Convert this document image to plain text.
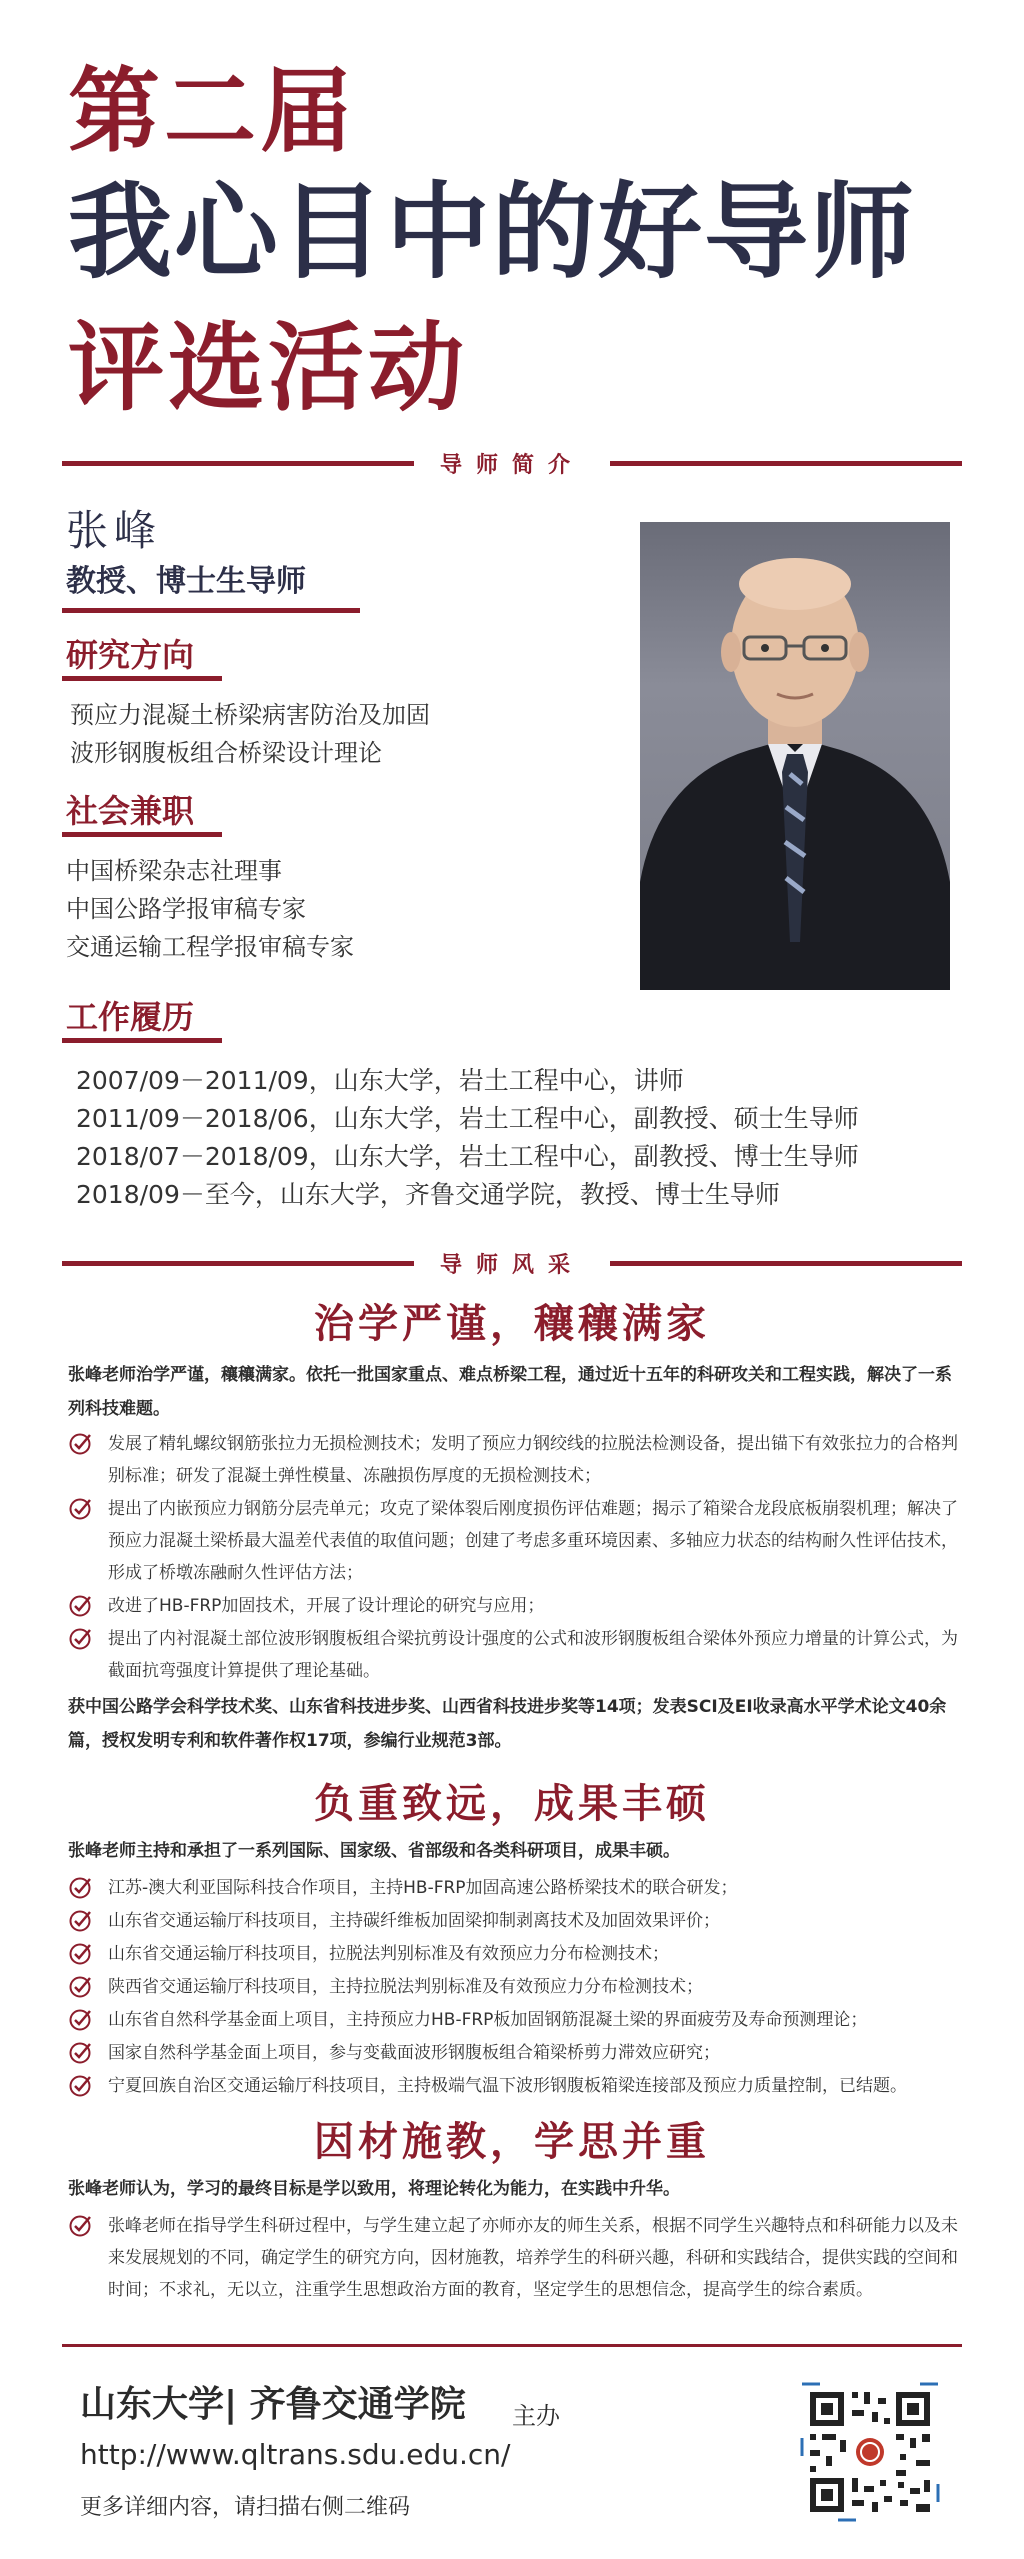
第二届
我心目中的好导师
评选活动
导师简介
张峰
教授、博士生导师
研究方向
预应力混凝土桥梁病害防治及加固
波形钢腹板组合桥梁设计理论
社会兼职
中国桥梁杂志社理事
中国公路学报审稿专家
交通运输工程学报审稿专家
工作履历
2007/09－2011/09，山东大学，岩土工程中心，讲师
2011/09－2018/06，山东大学，岩土工程中心，副教授、硕士生导师
2018/07－2018/09，山东大学，岩土工程中心，副教授、博士生导师
2018/09－至今，山东大学，齐鲁交通学院，教授、博士生导师
导师风采
治学严谨，穰穰满家
张峰老师治学严谨，穰穰满家。依托一批国家重点、难点桥梁工程，通过近十五年的科研攻关和工程实践，解决了一系列科技难题。
发展了精轧螺纹钢筋张拉力无损检测技术；发明了预应力钢绞线的拉脱法检测设备，提出锚下有效张拉力的合格判别标准；研发了混凝土弹性模量、冻融损伤厚度的无损检测技术；
提出了内嵌预应力钢筋分层壳单元；攻克了梁体裂后刚度损伤评估难题；揭示了箱梁合龙段底板崩裂机理；解决了预应力混凝土梁桥最大温差代表值的取值问题；创建了考虑多重环境因素、多轴应力状态的结构耐久性评估技术，形成了桥墩冻融耐久性评估方法；
改进了HB-FRP加固技术，开展了设计理论的研究与应用；
提出了内衬混凝土部位波形钢腹板组合梁抗剪设计强度的公式和波形钢腹板组合梁体外预应力增量的计算公式，为截面抗弯强度计算提供了理论基础。
获中国公路学会科学技术奖、山东省科技进步奖、山西省科技进步奖等14项；发表SCI及EI收录高水平学术论文40余篇，授权发明专利和软件著作权17项，参编行业规范3部。
负重致远，成果丰硕
张峰老师主持和承担了一系列国际、国家级、省部级和各类科研项目，成果丰硕。
江苏-澳大利亚国际科技合作项目，主持HB-FRP加固高速公路桥梁技术的联合研发；
山东省交通运输厅科技项目，主持碳纤维板加固梁抑制剥离技术及加固效果评价；
山东省交通运输厅科技项目，拉脱法判别标准及有效预应力分布检测技术；
陕西省交通运输厅科技项目，主持拉脱法判别标准及有效预应力分布检测技术；
山东省自然科学基金面上项目，主持预应力HB-FRP板加固钢筋混凝土梁的界面疲劳及寿命预测理论；
国家自然科学基金面上项目，参与变截面波形钢腹板组合箱梁桥剪力滞效应研究；
宁夏回族自治区交通运输厅科技项目，主持极端气温下波形钢腹板箱梁连接部及预应力质量控制，已结题。
因材施教，学思并重
张峰老师认为，学习的最终目标是学以致用，将理论转化为能力，在实践中升华。
张峰老师在指导学生科研过程中，与学生建立起了亦师亦友的师生关系，根据不同学生兴趣特点和科研能力以及未来发展规划的不同，确定学生的研究方向，因材施教，培养学生的科研兴趣，科研和实践结合，提供实践的空间和时间；不求礼，无以立，注重学生思想政治方面的教育，坚定学生的思想信念，提高学生的综合素质。
山东大学| 齐鲁交通学院 主办
http://www.qltrans.sdu.edu.cn/
更多详细内容，请扫描右侧二维码
